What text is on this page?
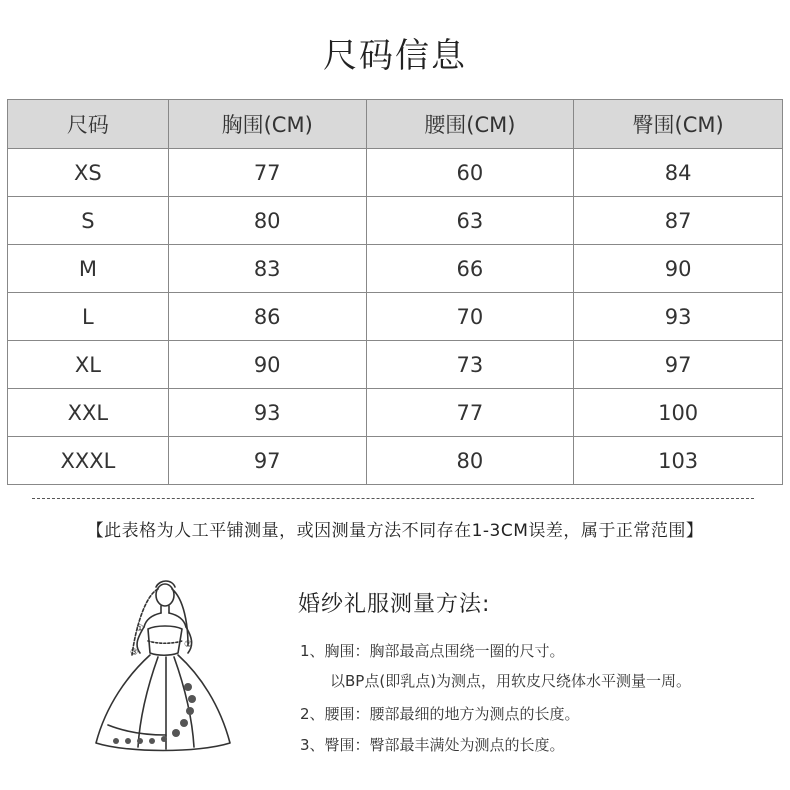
尺码信息
尺码	胸围(CM)	腰围(CM)	臀围(CM)
XS	77	60	84
S	80	63	87
M	83	66	90
L	86	70	93
XL	90	73	97
XXL	93	77	100
XXXL	97	80	103
【此表格为人工平铺测量，或因测量方法不同存在1-3CM误差，属于正常范围】
①
②
③
婚纱礼服测量方法:
1、胸围：胸部最高点围绕一圈的尺寸。
以BP点(即乳点)为测点，用软皮尺绕体水平测量一周。
2、腰围：腰部最细的地方为测点的长度。
3、臀围：臀部最丰满处为测点的长度。
